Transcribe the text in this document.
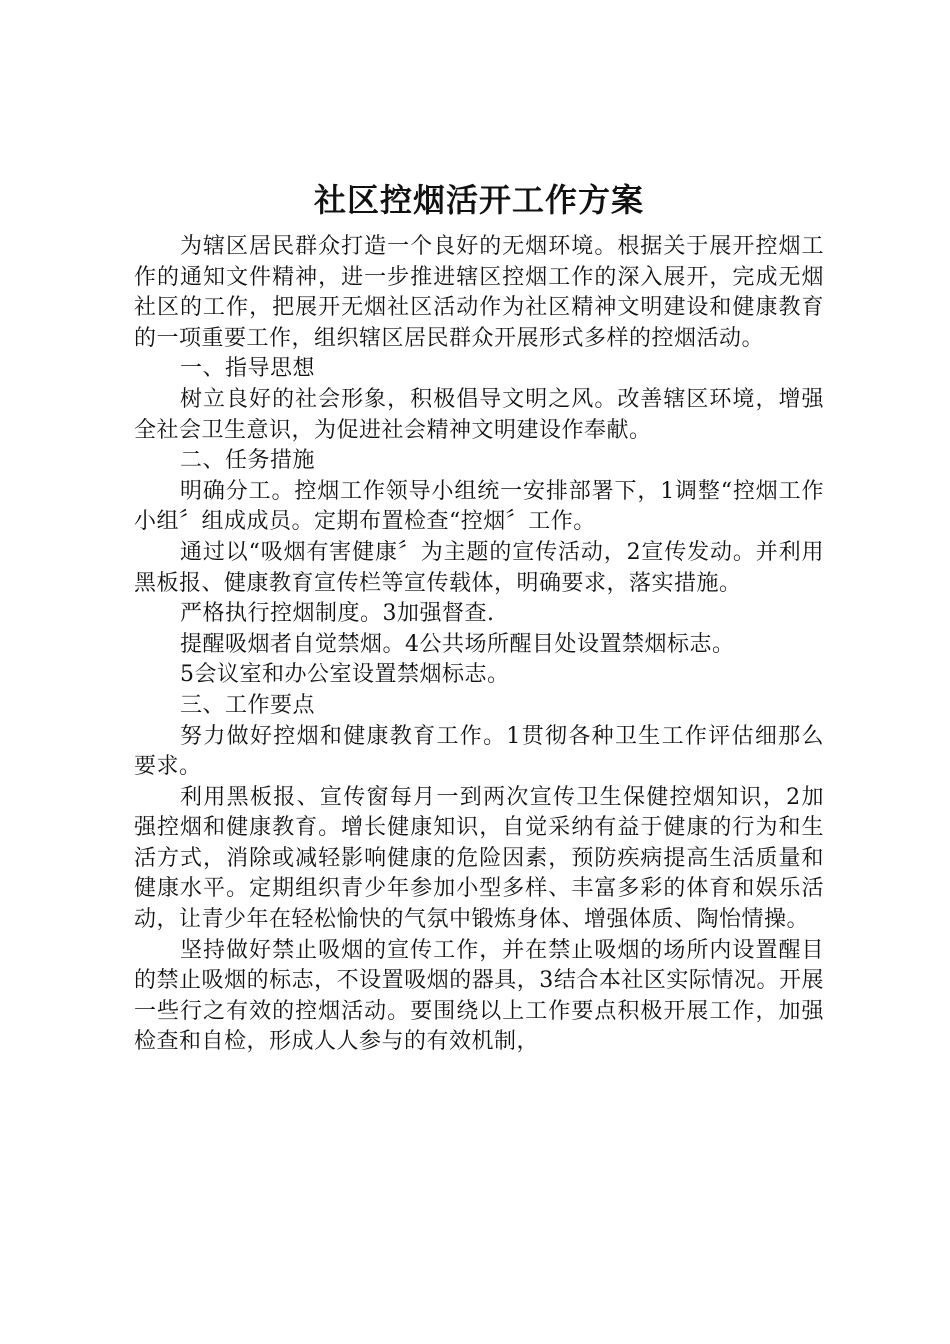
社区控烟活开工作方案

为辖区居民群众打造一个良好的无烟环境。根据关于展开控烟工作的通知文件精神，进一步推进辖区控烟工作的深入展开，完成无烟社区的工作，把展开无烟社区活动作为社区精神文明建设和健康教育的一项重要工作，组织辖区居民群众开展形式多样的控烟活动。

一、指导思想

树立良好的社会形象，积极倡导文明之风。改善辖区环境，增强全社会卫生意识，为促进社会精神文明建设作奉献。

二、任务措施

明确分工。控烟工作领导小组统一安排部署下，1调整“控烟工作小组〞组成成员。定期布置检查“控烟〞工作。

通过以“吸烟有害健康〞为主题的宣传活动，2宣传发动。并利用黑板报、健康教育宣传栏等宣传载体，明确要求，落实措施。

严格执行控烟制度。3加强督查.

提醒吸烟者自觉禁烟。4公共场所醒目处设置禁烟标志。

5会议室和办公室设置禁烟标志。

三、工作要点

努力做好控烟和健康教育工作。1贯彻各种卫生工作评估细那么要求。

利用黑板报、宣传窗每月一到两次宣传卫生保健控烟知识，2加强控烟和健康教育。增长健康知识，自觉采纳有益于健康的行为和生活方式，消除或减轻影响健康的危险因素，预防疾病提高生活质量和健康水平。定期组织青少年参加小型多样、丰富多彩的体育和娱乐活动，让青少年在轻松愉快的气氛中锻炼身体、增强体质、陶怡情操。

坚持做好禁止吸烟的宣传工作，并在禁止吸烟的场所内设置醒目的禁止吸烟的标志，不设置吸烟的器具，3结合本社区实际情况。开展一些行之有效的控烟活动。要围绕以上工作要点积极开展工作，加强检查和自检，形成人人参与的有效机制，
